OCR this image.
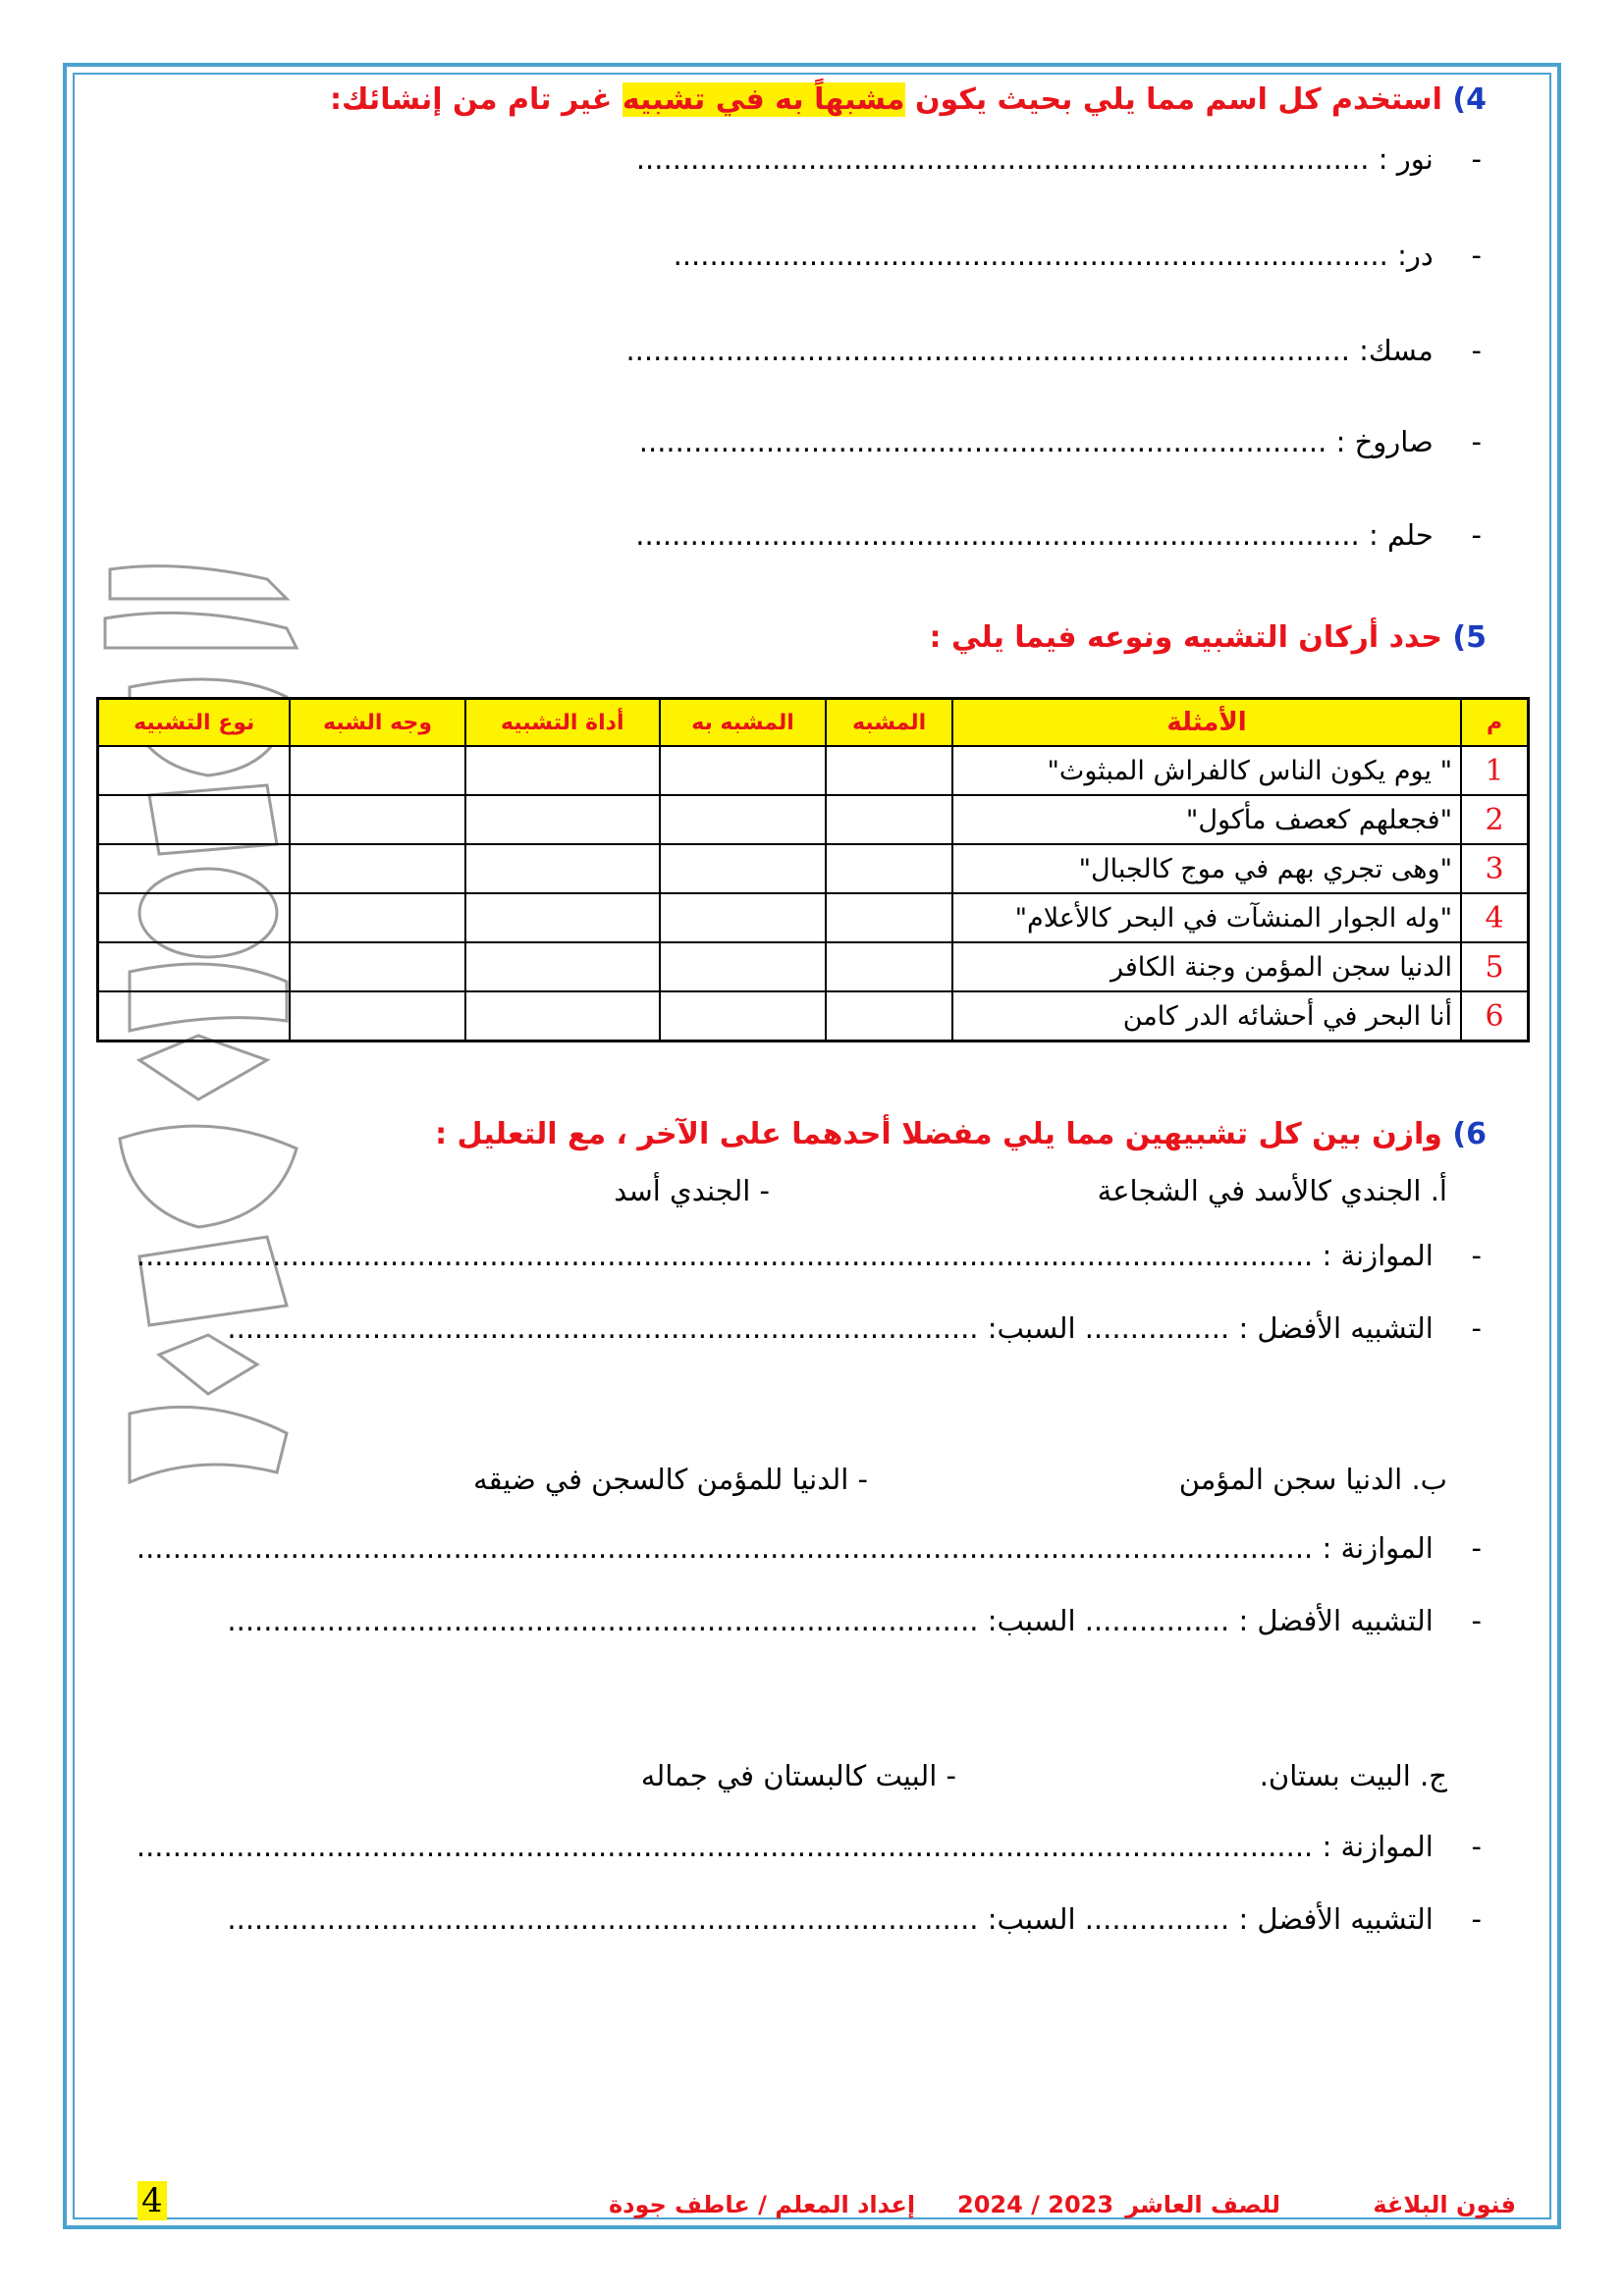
4) استخدم كل اسم مما يلي بحيث يكون مشبهاً به في تشبيه غير تام من إنشائك:
- نور : .................................................................................
- در: ...............................................................................
- مسك: ................................................................................
- صاروخ : ............................................................................
- حلم : ................................................................................
5) حدد أركان التشبيه ونوعه فيما يلي :
م	الأمثلة	المشبه	المشبه به	أداة التشبيه	وجه الشبه	نوع التشبيه
1	" يوم يكون الناس كالفراش المبثوث"					
2	"فجعلهم كعصف مأكول"					
3	"وهى تجري بهم في موج كالجبال"					
4	"وله الجوار المنشآت في البحر كالأعلام"					
5	الدنيا سجن المؤمن وجنة الكافر					
6	أنا البحر في أحشائه الدر كامن					
6) وازن بين كل تشبيهين مما يلي مفضلا أحدهما على الآخر ، مع التعليل :
أ. الجندي كالأسد في الشجاعة
- الجندي أسد
- الموازنة : ..................................................................................................................................
- التشبيه الأفضل : ................ السبب: ...................................................................................
ب. الدنيا سجن المؤمن
- الدنيا للمؤمن كالسجن في ضيقه
- الموازنة : ..................................................................................................................................
- التشبيه الأفضل : ................ السبب: ...................................................................................
ج. البيت بستان.
- البيت كالبستان في جماله
- الموازنة : ..................................................................................................................................
- التشبيه الأفضل : ................ السبب: ...................................................................................
فنون البلاغة
للصف العاشر
2024 / 2023
إعداد المعلم / عاطف جودة
4
